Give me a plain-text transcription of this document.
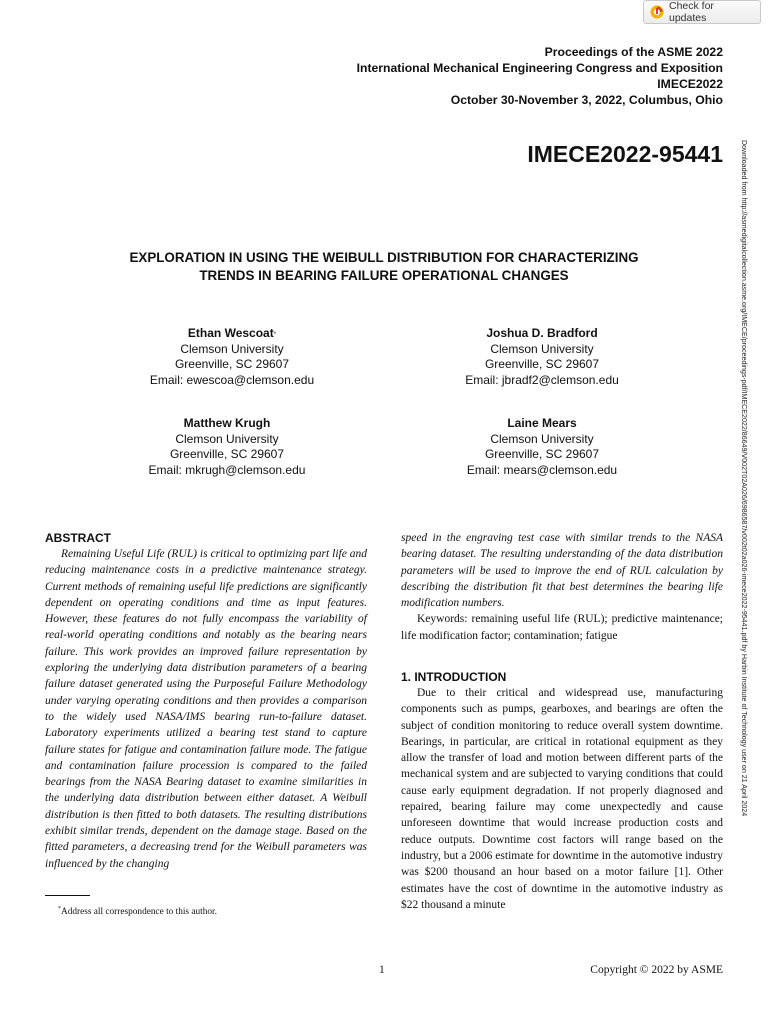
Check for updates
Proceedings of the ASME 2022
International Mechanical Engineering Congress and Exposition
IMECE2022
October 30-November 3, 2022, Columbus, Ohio
IMECE2022-95441	Downloaded from http://asmedigitalcollection.asme.org/IMECE/proceedings-pdf/IMECE2022/86649/V002T02A026/6986587/v002t02a026-imece2022-95441.pdf by Harbin Institute of Technology user on 21 April 2024
EXPLORATION IN USING THE WEIBULL DISTRIBUTION FOR CHARACTERIZING
TRENDS IN BEARING FAILURE OPERATIONAL CHANGES
Ethan Wescoat*
Clemson University
Greenville, SC 29607
Email: ewescoa@clemson.edu
Joshua D. Bradford
Clemson University
Greenville, SC 29607
Email: jbradf2@clemson.edu
Matthew Krugh
Clemson University
Greenville, SC 29607
Email: mkrugh@clemson.edu
Laine Mears
Clemson University
Greenville, SC 29607
Email: mears@clemson.edu
ABSTRACT

Remaining Useful Life (RUL) is critical to optimizing part life and reducing maintenance costs in a predictive maintenance strategy. Current methods of remaining useful life predictions are significantly dependent on operating conditions and time as input features. However, these features do not fully encompass the variability of real-world operating conditions and notably as the bearing nears failure. This work provides an improved failure representation by exploring the underlying data distribution parameters of a bearing failure dataset generated using the Purposeful Failure Methodology under varying operating conditions and then provides a comparison to the widely used NASA/IMS bearing run-to-failure dataset. Laboratory experiments utilized a bearing test stand to capture failure states for fatigue and contamination failure mode. The fatigue and contamination failure procession is compared to the failed bearings from the NASA Bearing dataset to examine similarities in the underlying data distribution between either dataset. A Weibull distribution is then fitted to both datasets. The resulting distributions exhibit similar trends, dependent on the damage stage. Based on the fitted parameters, a decreasing trend for the Weibull parameters was influenced by the changing

speed in the engraving test case with similar trends to the NASA bearing dataset. The resulting understanding of the data distribution parameters will be used to improve the end of RUL calculation by describing the distribution fit that best determines the bearing life modification numbers.

Keywords: remaining useful life (RUL); predictive maintenance; life modification factor; contamination; fatigue

1. INTRODUCTION

Due to their critical and widespread use, manufacturing components such as pumps, gearboxes, and bearings are often the subject of condition monitoring to reduce overall system downtime. Bearings, in particular, are critical in rotational equipment as they allow the transfer of load and motion between different parts of the mechanical system and are subjected to varying conditions that could cause early equipment degradation. If not properly diagnosed and repaired, bearing failure may come unexpectedly and cause unforeseen downtime that would increase production costs and reduce outputs. Downtime cost factors will range based on the industry, but a 2006 estimate for downtime in the automotive industry was $200 thousand an hour based on a motor failure [1]. Other estimates have the cost of downtime in the automotive industry as $22 thousand a minute

*Address all correspondence to this author.
1	Copyright © 2022 by ASME
